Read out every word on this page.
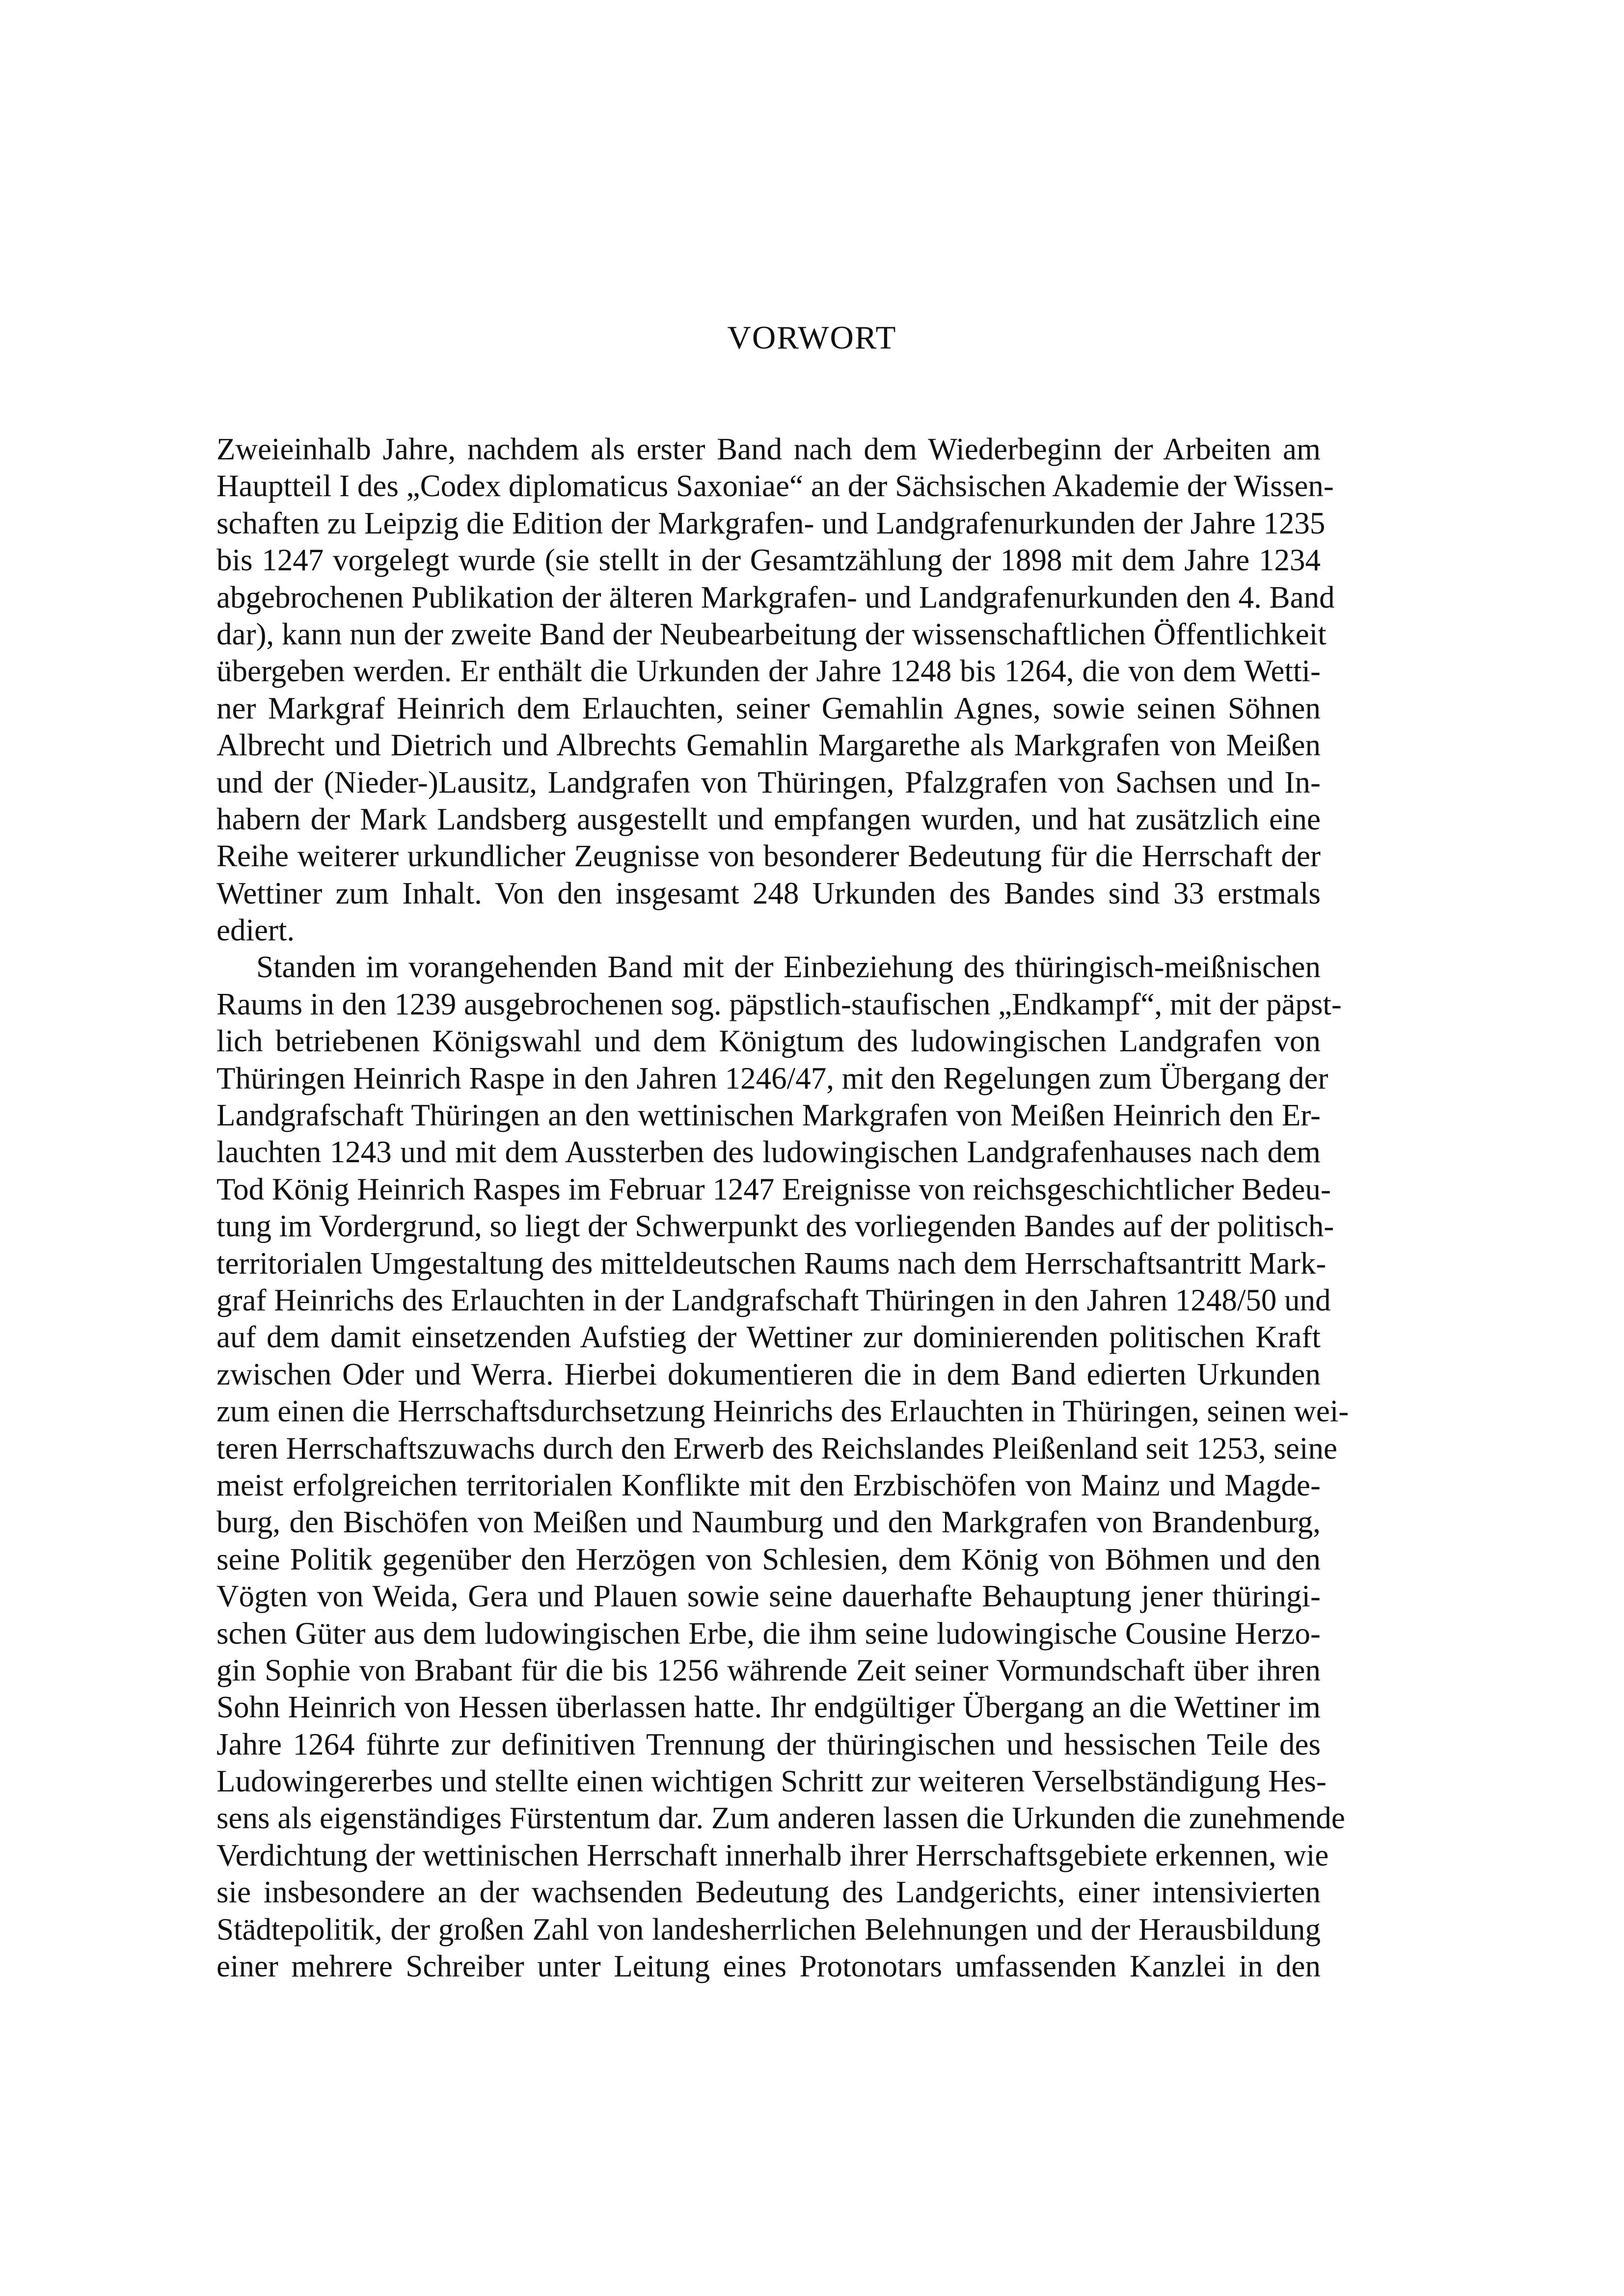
VORWORT
Zweieinhalb Jahre, nachdem als erster Band nach dem Wiederbeginn der Arbeiten am
Hauptteil I des „Codex diplomaticus Saxoniae“ an der Sächsischen Akademie der Wissen-
schaften zu Leipzig die Edition der Markgrafen- und Landgrafenurkunden der Jahre 1235
bis 1247 vorgelegt wurde (sie stellt in der Gesamtzählung der 1898 mit dem Jahre 1234
abgebrochenen Publikation der älteren Markgrafen- und Landgrafenurkunden den 4. Band
dar), kann nun der zweite Band der Neubearbeitung der wissenschaftlichen Öffentlichkeit
übergeben werden. Er enthält die Urkunden der Jahre 1248 bis 1264, die von dem Wetti-
ner Markgraf Heinrich dem Erlauchten, seiner Gemahlin Agnes, sowie seinen Söhnen
Albrecht und Dietrich und Albrechts Gemahlin Margarethe als Markgrafen von Meißen
und der (Nieder-)Lausitz, Landgrafen von Thüringen, Pfalzgrafen von Sachsen und In-
habern der Mark Landsberg ausgestellt und empfangen wurden, und hat zusätzlich eine
Reihe weiterer urkundlicher Zeugnisse von besonderer Bedeutung für die Herrschaft der
Wettiner zum Inhalt. Von den insgesamt 248 Urkunden des Bandes sind 33 erstmals
ediert.
Standen im vorangehenden Band mit der Einbeziehung des thüringisch-meißnischen
Raums in den 1239 ausgebrochenen sog. päpstlich-staufischen „Endkampf“, mit der päpst-
lich betriebenen Königswahl und dem Königtum des ludowingischen Landgrafen von
Thüringen Heinrich Raspe in den Jahren 1246/47, mit den Regelungen zum Übergang der
Landgrafschaft Thüringen an den wettinischen Markgrafen von Meißen Heinrich den Er-
lauchten 1243 und mit dem Aussterben des ludowingischen Landgrafenhauses nach dem
Tod König Heinrich Raspes im Februar 1247 Ereignisse von reichsgeschichtlicher Bedeu-
tung im Vordergrund, so liegt der Schwerpunkt des vorliegenden Bandes auf der politisch-
territorialen Umgestaltung des mitteldeutschen Raums nach dem Herrschaftsantritt Mark-
graf Heinrichs des Erlauchten in der Landgrafschaft Thüringen in den Jahren 1248/50 und
auf dem damit einsetzenden Aufstieg der Wettiner zur dominierenden politischen Kraft
zwischen Oder und Werra. Hierbei dokumentieren die in dem Band edierten Urkunden
zum einen die Herrschaftsdurchsetzung Heinrichs des Erlauchten in Thüringen, seinen wei-
teren Herrschaftszuwachs durch den Erwerb des Reichslandes Pleißenland seit 1253, seine
meist erfolgreichen territorialen Konflikte mit den Erzbischöfen von Mainz und Magde-
burg, den Bischöfen von Meißen und Naumburg und den Markgrafen von Brandenburg,
seine Politik gegenüber den Herzögen von Schlesien, dem König von Böhmen und den
Vögten von Weida, Gera und Plauen sowie seine dauerhafte Behauptung jener thüringi-
schen Güter aus dem ludowingischen Erbe, die ihm seine ludowingische Cousine Herzo-
gin Sophie von Brabant für die bis 1256 währende Zeit seiner Vormundschaft über ihren
Sohn Heinrich von Hessen überlassen hatte. Ihr endgültiger Übergang an die Wettiner im
Jahre 1264 führte zur definitiven Trennung der thüringischen und hessischen Teile des
Ludowingererbes und stellte einen wichtigen Schritt zur weiteren Verselbständigung Hes-
sens als eigenständiges Fürstentum dar. Zum anderen lassen die Urkunden die zunehmende
Verdichtung der wettinischen Herrschaft innerhalb ihrer Herrschaftsgebiete erkennen, wie
sie insbesondere an der wachsenden Bedeutung des Landgerichts, einer intensivierten
Städtepolitik, der großen Zahl von landesherrlichen Belehnungen und der Herausbildung
einer mehrere Schreiber unter Leitung eines Protonotars umfassenden Kanzlei in den
